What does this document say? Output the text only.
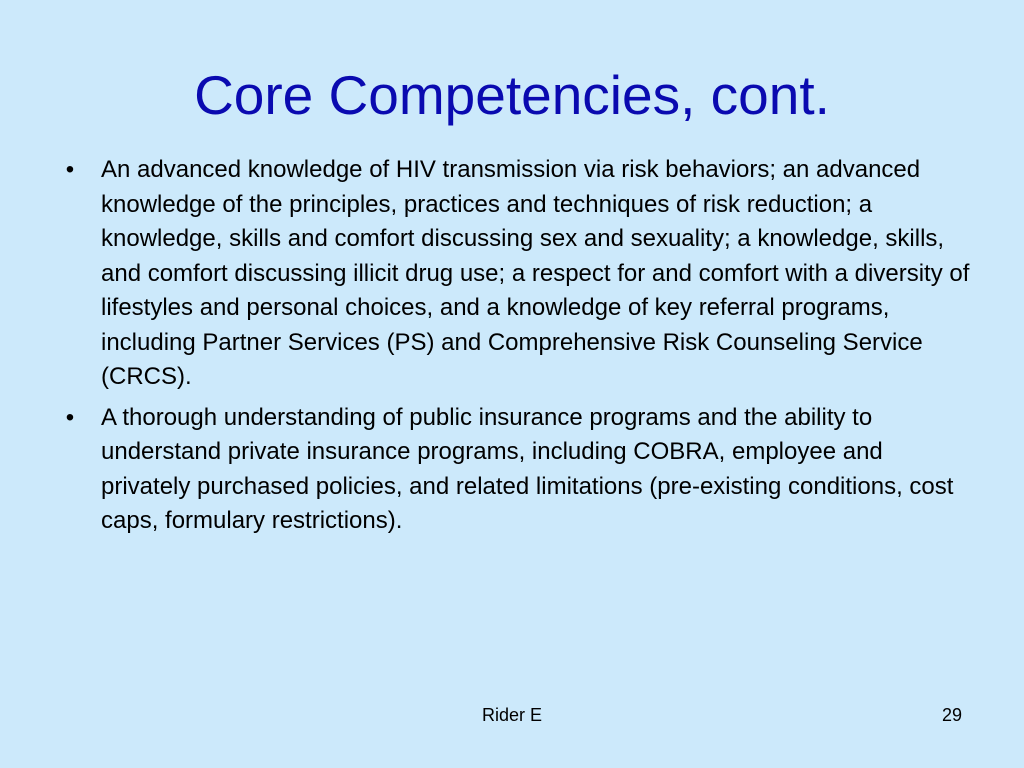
Core Competencies, cont.
• An advanced knowledge of HIV transmission via risk behaviors; an advanced knowledge of the principles, practices and techniques of risk reduction; a knowledge, skills and comfort discussing sex and sexuality; a knowledge, skills, and comfort discussing illicit drug use; a respect for and comfort with a diversity of lifestyles and personal choices, and a knowledge of key referral programs, including Partner Services (PS) and Comprehensive Risk Counseling Service (CRCS).
• A thorough understanding of public insurance programs and the ability to understand private insurance programs, including COBRA, employee and privately purchased policies, and related limitations (pre-existing conditions, cost caps, formulary restrictions).
Rider E	29
